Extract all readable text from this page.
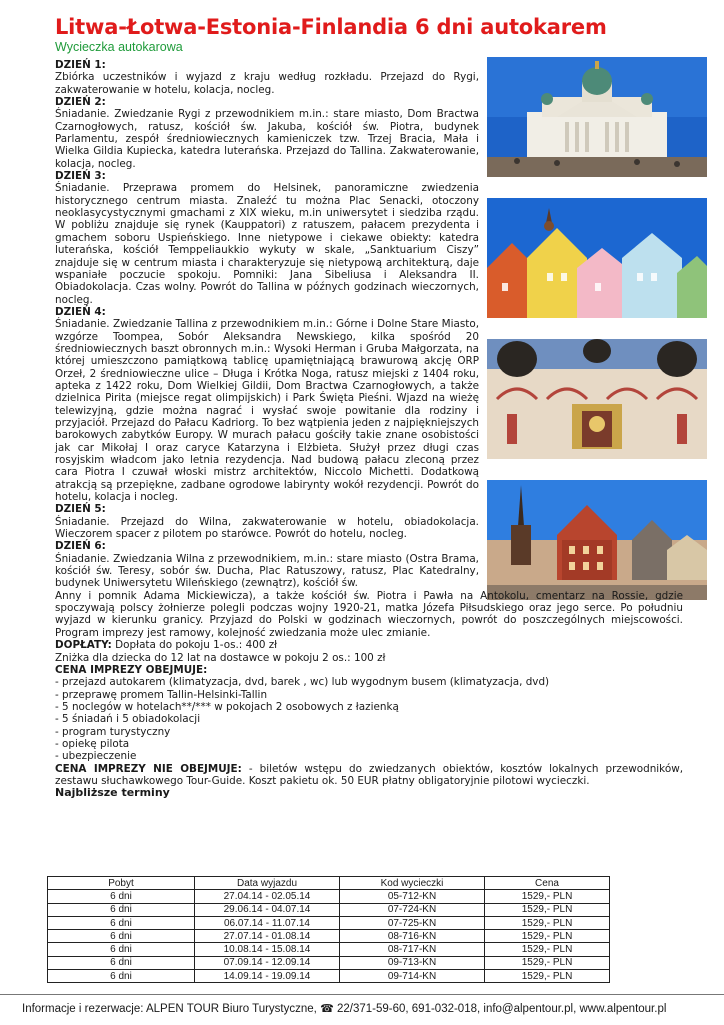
Litwa-Łotwa-Estonia-Finlandia 6 dni autokarem
Wycieczka autokarowa
DZIEŃ 1:
Zbiórka uczestników i wyjazd z kraju według rozkładu. Przejazd do Rygi, zakwaterowanie w hotelu, kolacja, nocleg.
DZIEŃ 2:
Śniadanie. Zwiedzanie Rygi z przewodnikiem m.in.: stare miasto, Dom Bractwa Czarnogłowych, ratusz, kościół św. Jakuba, kościół św. Piotra, budynek Parlamentu, zespół średniowiecznych kamieniczek tzw. Trzej Bracia, Mała i Wielka Gildia Kupiecka, katedra luterańska. Przejazd do Tallina. Zakwaterowanie, kolacja, nocleg.
DZIEŃ 3:
Śniadanie. Przeprawa promem do Helsinek, panoramiczne zwiedzenia historycznego centrum miasta. Znaleźć tu można Plac Senacki, otoczony neoklasycystycznymi gmachami z XIX wieku, m.in uniwersytet i siedziba rządu. W pobliżu znajduje się rynek (Kauppatori) z ratuszem, pałacem prezydenta i gmachem soboru Uspieńskiego. Inne nietypowe i ciekawe obiekty: katedra luterańska, kościół Temppeliaukkio wykuty w skale, „Sanktuarium Ciszy” znajduje się w centrum miasta i charakteryzuje się nietypową architekturą, daje wspaniałe poczucie spokoju. Pomniki: Jana Sibeliusa i Aleksandra II. Obiadokolacja. Czas wolny. Powrót do Tallina w późnych godzinach wieczornych, nocleg.
DZIEŃ 4:
Śniadanie. Zwiedzanie Tallina z przewodnikiem m.in.: Górne i Dolne Stare Miasto, wzgórze Toompea, Sobór Aleksandra Newskiego, kilka spośród 20 średniowiecznych baszt obronnych m.in.: Wysoki Herman i Gruba Małgorzata, na której umieszczono pamiątkową tablicę upamiętniającą brawurową akcję ORP Orzeł, 2 średniowieczne ulice – Długa i Krótka Noga, ratusz miejski z 1404 roku, apteka z 1422 roku, Dom Wielkiej Gildii, Dom Bractwa Czarnogłowych, a także dzielnica Pirita (miejsce regat olimpijskich) i Park Święta Pieśni. Wjazd na wieżę telewizyjną, gdzie można nagrać i wysłać swoje powitanie dla rodziny i przyjaciół. Przejazd do Pałacu Kadriorg. To bez wątpienia jeden z najpiękniejszych barokowych zabytków Europy. W murach pałacu gościły takie znane osobistości jak car Mikołaj I oraz caryce Katarzyna i Elżbieta. Służył przez długi czas rosyjskim władcom jako letnia rezydencja. Nad budową pałacu zleconą przez cara Piotra I czuwał włoski mistrz architektów, Niccolo Michetti. Dodatkową atrakcją są przepiękne, zadbane ogrodowe labirynty wokół rezydencji. Powrót do hotelu, kolacja i nocleg.
DZIEŃ 5:
Śniadanie. Przejazd do Wilna, zakwaterowanie w hotelu, obiadokolacja. Wieczorem spacer z pilotem po starówce. Powrót do hotelu, nocleg.
DZIEŃ 6:
Śniadanie. Zwiedzania Wilna z przewodnikiem, m.in.: stare miasto (Ostra Brama, kościół św. Teresy, sobór św. Ducha, Plac Ratuszowy, ratusz, Plac Katedralny, budynek Uniwersytetu Wileńskiego (zewnątrz), kościół św.
Anny i pomnik Adama Mickiewicza), a także kościół św. Piotra i Pawła na Antokolu, cmentarz na Rossie, gdzie spoczywają polscy żołnierze polegli podczas wojny 1920-21, matka Józefa Piłsudskiego oraz jego serce. Po południu wyjazd w kierunku granicy. Przyjazd do Polski w godzinach wieczornych, powrót do poszczególnych miejscowości. Program imprezy jest ramowy, kolejność zwiedzania może ulec zmianie.
DOPŁATY: Dopłata do pokoju 1-os.: 400 zł
Zniżka dla dziecka do 12 lat na dostawce w pokoju 2 os.: 100 zł
CENA IMPREZY OBEJMUJE:
- przejazd autokarem (klimatyzacja, dvd, barek , wc) lub wygodnym busem (klimatyzacja, dvd)
- przeprawę promem Tallin-Helsinki-Tallin
- 5 noclegów w hotelach**/*** w pokojach 2 osobowych z łazienką
- 5 śniadań i 5 obiadokolacji
- program turystyczny
- opiekę pilota
- ubezpieczenie
CENA IMPREZY NIE OBEJMUJE: - biletów wstępu do zwiedzanych obiektów, kosztów lokalnych przewodników, zestawu słuchawkowego Tour-Guide. Koszt pakietu ok. 50 EUR płatny obligatoryjnie pilotowi wycieczki.
Najbliższe terminy
Pobyt	Data wyjazdu	Kod wycieczki	Cena
6 dni	27.04.14 - 02.05.14	05-712-KN	1529,- PLN
6 dni	29.06.14 - 04.07.14	07-724-KN	1529,- PLN
6 dni	06.07.14 - 11.07.14	07-725-KN	1529,- PLN
6 dni	27.07.14 - 01.08.14	08-716-KN	1529,- PLN
6 dni	10.08.14 - 15.08.14	08-717-KN	1529,- PLN
6 dni	07.09.14 - 12.09.14	09-713-KN	1529,- PLN
6 dni	14.09.14 - 19.09.14	09-714-KN	1529,- PLN
Informacje i rezerwacje: ALPEN TOUR Biuro Turystyczne, ☎ 22/371-59-60, 691-032-018, info@alpentour.pl, www.alpentour.pl
